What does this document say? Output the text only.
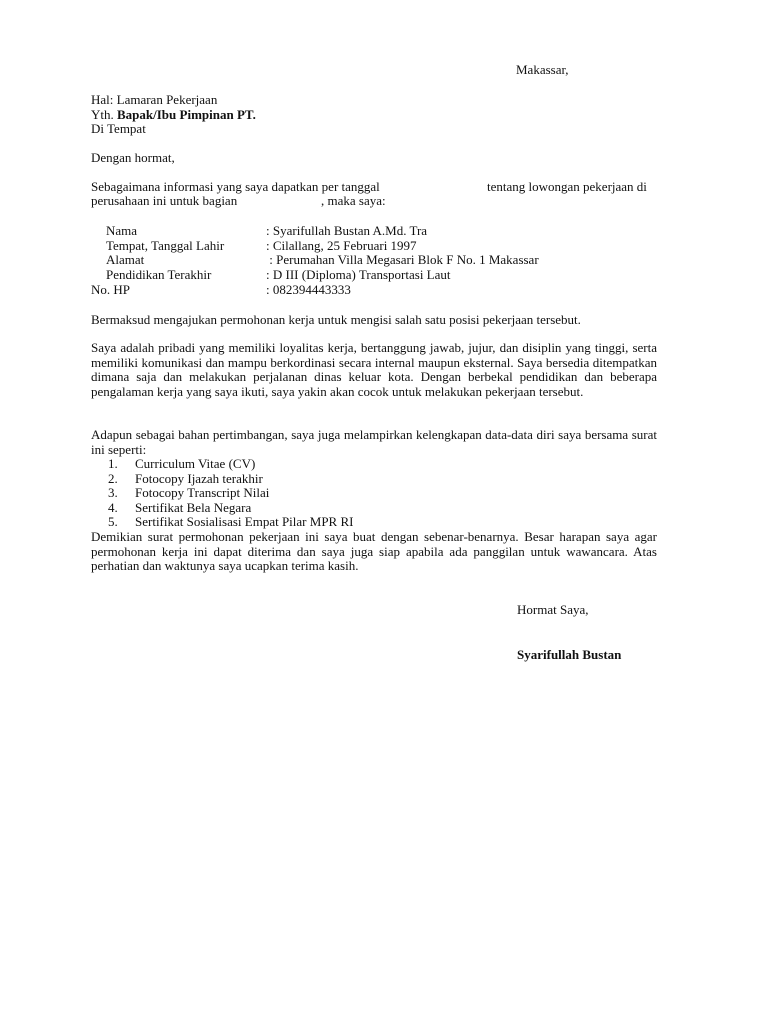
Makassar,
Hal: Lamaran Pekerjaan
Yth. Bapak/Ibu Pimpinan PT.
Di Tempat
Dengan hormat,
Sebagaimana informasi yang saya dapatkan per tanggal	tentang lowongan pekerjaan di
perusahaan ini untuk bagian	, maka saya:
Nama	: Syarifullah Bustan A.Md. Tra
Tempat, Tanggal Lahir	: Cilallang, 25 Februari 1997
Alamat	: Perumahan Villa Megasari Blok F No. 1 Makassar
Pendidikan Terakhir	: D III (Diploma) Transportasi Laut
No. HP	: 082394443333
Bermaksud mengajukan permohonan kerja untuk mengisi salah satu posisi pekerjaan tersebut.
Saya adalah pribadi yang memiliki loyalitas kerja, bertanggung jawab, jujur, dan disiplin yang tinggi, serta memiliki komunikasi dan mampu berkordinasi secara internal maupun eksternal. Saya bersedia ditempatkan dimana saja dan melakukan perjalanan dinas keluar kota. Dengan berbekal pendidikan dan beberapa pengalaman kerja yang saya ikuti, saya yakin akan cocok untuk melakukan pekerjaan tersebut.
Adapun sebagai bahan pertimbangan, saya juga melampirkan kelengkapan data-data diri saya bersama surat ini seperti:
1. Curriculum Vitae (CV)
2. Fotocopy Ijazah terakhir
3. Fotocopy Transcript Nilai
4. Sertifikat Bela Negara
5. Sertifikat Sosialisasi Empat Pilar MPR RI
Demikian surat permohonan pekerjaan ini saya buat dengan sebenar-benarnya. Besar harapan saya agar permohonan kerja ini dapat diterima dan saya juga siap apabila ada panggilan untuk wawancara. Atas perhatian dan waktunya saya ucapkan terima kasih.
Hormat Saya,
Syarifullah Bustan
